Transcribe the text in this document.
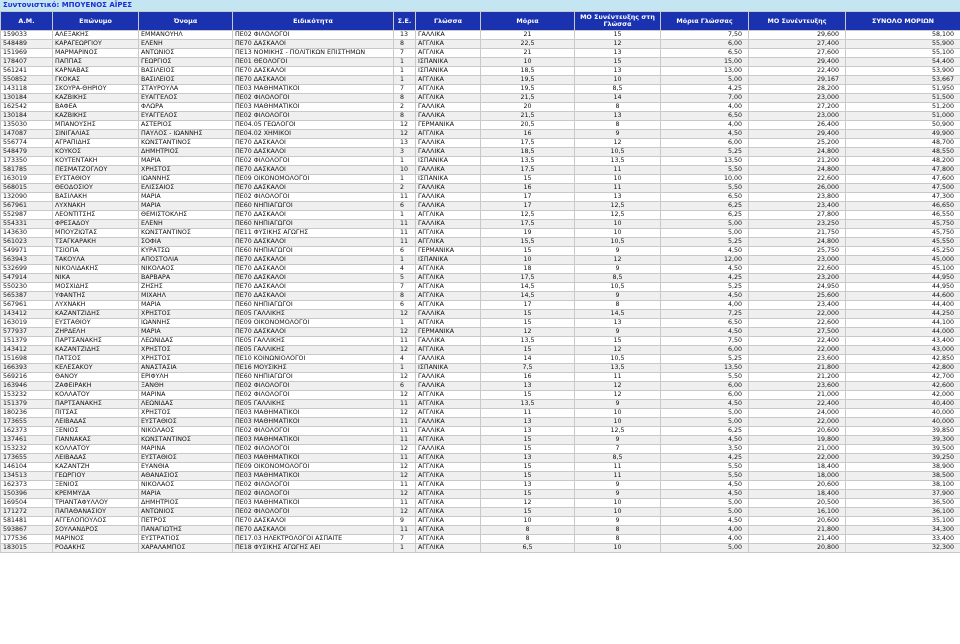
Συντονιστικό: ΜΠΟΥΕΝΟΣ ΑΪΡΕΣ
Α.Μ.	Επώνυμο	Όνομα	Ειδικότητα	Σ.Ε.	Γλώσσα	Μόρια	ΜΟ Συνέντευξης στη Γλώσσα	Μόρια Γλώσσας	ΜΟ Συνέντευξης	ΣΥΝΟΛΟ ΜΟΡΙΩΝ
159033	ΑΛΕΞΑΚΗΣ	ΕΜΜΑΝΟΥΗΛ	ΠΕ02 ΦΙΛΟΛΟΓΟΙ	13	ΓΑΛΛΙΚΑ	21	15	7,50	29,600	58,100
548489	ΚΑΡΑΓΕΩΡΓΙΟΥ	ΕΛΕΝΗ	ΠΕ70 ΔΑΣΚΑΛΟΙ	8	ΑΓΓΛΙΚΑ	22,5	12	6,00	27,400	55,900
151969	ΜΑΡΜΑΡΙΝΟΣ	ΑΝΤΩΝΙΟΣ	ΠΕ13 ΝΟΜΙΚΗΣ - ΠΟΛΙΤΙΚΩΝ ΕΠΙΣΤΗΜΩΝ	7	ΑΓΓΛΙΚΑ	21	13	6,50	27,600	55,100
178407	ΠΑΠΠΑΣ	ΓΕΩΡΓΙΟΣ	ΠΕ01 ΘΕΟΛΟΓΟΙ	1	ΙΣΠΑΝΙΚΑ	10	15	15,00	29,400	54,400
561241	ΚΑΡΝΑΒΑΣ	ΒΑΣΙΛΕΙΟΣ	ΠΕ70 ΔΑΣΚΑΛΟΙ	1	ΙΣΠΑΝΙΚΑ	18,5	13	13,00	22,400	53,900
550852	ΓΚΟΚΑΣ	ΒΑΣΙΛΕΙΟΣ	ΠΕ70 ΔΑΣΚΑΛΟΙ	1	ΑΓΓΛΙΚΑ	19,5	10	5,00	29,167	53,667
143118	ΣΚΟΥΡΑ-ΘΗΡΙΟΥ	ΣΤΑΥΡΟΥΛΑ	ΠΕ03 ΜΑΘΗΜΑΤΙΚΟΙ	7	ΑΓΓΛΙΚΑ	19,5	8,5	4,25	28,200	51,950
130184	ΚΑΖΒΙΚΗΣ	ΕΥΑΓΓΕΛΟΣ	ΠΕ02 ΦΙΛΟΛΟΓΟΙ	8	ΑΓΓΛΙΚΑ	21,5	14	7,00	23,000	51,500
162542	ΒΑΦΕΑ	ΦΛΩΡΑ	ΠΕ03 ΜΑΘΗΜΑΤΙΚΟΙ	2	ΓΑΛΛΙΚΑ	20	8	4,00	27,200	51,200
130184	ΚΑΖΒΙΚΗΣ	ΕΥΑΓΓΕΛΟΣ	ΠΕ02 ΦΙΛΟΛΟΓΟΙ	8	ΓΑΛΛΙΚΑ	21,5	13	6,50	23,000	51,000
135030	ΜΠΑΝΟΥΣΗΣ	ΑΣΤΕΡΙΟΣ	ΠΕ04.05 ΓΕΩΛΟΓΟΙ	12	ΓΕΡΜΑΝΙΚΑ	20,5	8	4,00	26,400	50,900
147087	ΣΙΝΙΓΑΛΙΑΣ	ΠΑΥΛΟΣ - ΙΩΑΝΝΗΣ	ΠΕ04.02 ΧΗΜΙΚΟΙ	12	ΑΓΓΛΙΚΑ	16	9	4,50	29,400	49,900
556774	ΑΓΡΑΠΙΔΗΣ	ΚΩΝΣΤΑΝΤΙΝΟΣ	ΠΕ70 ΔΑΣΚΑΛΟΙ	13	ΓΑΛΛΙΚΑ	17,5	12	6,00	25,200	48,700
548479	ΚΟΥΚΟΣ	ΔΗΜΗΤΡΙΟΣ	ΠΕ70 ΔΑΣΚΑΛΟΙ	3	ΓΑΛΛΙΚΑ	18,5	10,5	5,25	24,800	48,550
173350	ΚΟΥΤΕΝΤΑΚΗ	ΜΑΡΙΑ	ΠΕ02 ΦΙΛΟΛΟΓΟΙ	1	ΙΣΠΑΝΙΚΑ	13,5	13,5	13,50	21,200	48,200
581785	ΠΕΣΜΑΤΖΟΓΛΟΥ	ΧΡΗΣΤΟΣ	ΠΕ70 ΔΑΣΚΑΛΟΙ	10	ΓΑΛΛΙΚΑ	17,5	11	5,50	24,800	47,800
163019	ΕΥΣΤΑΘΙΟΥ	ΙΩΑΝΝΗΣ	ΠΕ09 ΟΙΚΟΝΟΜΟΛΟΓΟΙ	1	ΙΣΠΑΝΙΚΑ	15	10	10,00	22,600	47,600
568015	ΘΕΟΔΟΣΙΟΥ	ΕΛΙΣΣΑΙΟΣ	ΠΕ70 ΔΑΣΚΑΛΟΙ	2	ΓΑΛΛΙΚΑ	16	11	5,50	26,000	47,500
132090	ΒΑΣΙΛΑΚΗ	ΜΑΡΙΑ	ΠΕ02 ΦΙΛΟΛΟΓΟΙ	11	ΓΑΛΛΙΚΑ	17	13	6,50	23,800	47,300
567961	ΛΥΧΝΑΚΗ	ΜΑΡΙΑ	ΠΕ60 ΝΗΠΙΑΓΩΓΟΙ	6	ΓΑΛΛΙΚΑ	17	12,5	6,25	23,400	46,650
552987	ΛΕΟΝΤΙΤΣΗΣ	ΘΕΜΙΣΤΟΚΛΗΣ	ΠΕ70 ΔΑΣΚΑΛΟΙ	1	ΑΓΓΛΙΚΑ	12,5	12,5	6,25	27,800	46,550
554331	ΦΡΕΣΑΔΟΥ	ΕΛΕΝΗ	ΠΕ60 ΝΗΠΙΑΓΩΓΟΙ	11	ΓΑΛΛΙΚΑ	17,5	10	5,00	23,250	45,750
143630	ΜΠΟΥΖΙΩΤΑΣ	ΚΩΝΣΤΑΝΤΙΝΟΣ	ΠΕ11 ΦΥΣΙΚΗΣ ΑΓΩΓΗΣ	11	ΑΓΓΛΙΚΑ	19	10	5,00	21,750	45,750
561023	ΤΣΑΓΚΑΡΑΚΗ	ΣΟΦΙΑ	ΠΕ70 ΔΑΣΚΑΛΟΙ	11	ΑΓΓΛΙΚΑ	15,5	10,5	5,25	24,800	45,550
549971	ΤΣΙΟΠΑ	ΚΥΡΑΤΣΩ	ΠΕ60 ΝΗΠΙΑΓΩΓΟΙ	6	ΓΕΡΜΑΝΙΚΑ	15	9	4,50	25,750	45,250
563943	ΤΑΚΟΥΛΑ	ΑΠΟΣΤΟΛΙΑ	ΠΕ70 ΔΑΣΚΑΛΟΙ	1	ΙΣΠΑΝΙΚΑ	10	12	12,00	23,000	45,000
532699	ΝΙΚΟΛΙΔΑΚΗΣ	ΝΙΚΟΛΑΟΣ	ΠΕ70 ΔΑΣΚΑΛΟΙ	4	ΑΓΓΛΙΚΑ	18	9	4,50	22,600	45,100
547914	ΝΙΚΑ	ΒΑΡΒΑΡΑ	ΠΕ70 ΔΑΣΚΑΛΟΙ	5	ΑΓΓΛΙΚΑ	17,5	8,5	4,25	23,200	44,950
550230	ΜΟΣΧΙΔΗΣ	ΖΗΣΗΣ	ΠΕ70 ΔΑΣΚΑΛΟΙ	7	ΑΓΓΛΙΚΑ	14,5	10,5	5,25	24,950	44,950
565387	ΥΦΑΝΤΗΣ	ΜΙΧΑΗΛ	ΠΕ70 ΔΑΣΚΑΛΟΙ	8	ΑΓΓΛΙΚΑ	14,5	9	4,50	25,600	44,600
567961	ΛΥΧΝΑΚΗ	ΜΑΡΙΑ	ΠΕ60 ΝΗΠΙΑΓΩΓΟΙ	6	ΑΓΓΛΙΚΑ	17	8	4,00	23,400	44,400
143412	ΚΑΖΑΝΤΖΙΔΗΣ	ΧΡΗΣΤΟΣ	ΠΕ05 ΓΑΛΛΙΚΗΣ	12	ΓΑΛΛΙΚΑ	15	14,5	7,25	22,000	44,250
163019	ΕΥΣΤΑΘΙΟΥ	ΙΩΑΝΝΗΣ	ΠΕ09 ΟΙΚΟΝΟΜΟΛΟΓΟΙ	1	ΑΓΓΛΙΚΑ	15	13	6,50	22,600	44,100
577937	ΖΗΡΔΕΛΗ	ΜΑΡΙΑ	ΠΕ70 ΔΑΣΚΑΛΟΙ	12	ΓΕΡΜΑΝΙΚΑ	12	9	4,50	27,500	44,000
151379	ΠΑΡΤΣΑΝΑΚΗΣ	ΛΕΩΝΙΔΑΣ	ΠΕ05 ΓΑΛΛΙΚΗΣ	11	ΓΑΛΛΙΚΑ	13,5	15	7,50	22,400	43,400
143412	ΚΑΖΑΝΤΖΙΔΗΣ	ΧΡΗΣΤΟΣ	ΠΕ05 ΓΑΛΛΙΚΗΣ	12	ΑΓΓΛΙΚΑ	15	12	6,00	22,000	43,000
151698	ΠΑΤΣΟΣ	ΧΡΗΣΤΟΣ	ΠΕ10 ΚΟΙΝΩΝΙΟΛΟΓΟΙ	4	ΓΑΛΛΙΚΑ	14	10,5	5,25	23,600	42,850
166393	ΚΕΛΕΣΑΚΟΥ	ΑΝΑΣΤΑΣΙΑ	ΠΕ16 ΜΟΥΣΙΚΗΣ	1	ΙΣΠΑΝΙΚΑ	7,5	13,5	13,50	21,800	42,800
569216	ΘΑΝΟΥ	ΕΡΙΦΥΛΗ	ΠΕ60 ΝΗΠΙΑΓΩΓΟΙ	12	ΓΑΛΛΙΚΑ	16	11	5,50	21,200	42,700
163946	ΖΑΦΕΙΡΑΚΗ	ΞΑΝΘΗ	ΠΕ02 ΦΙΛΟΛΟΓΟΙ	6	ΓΑΛΛΙΚΑ	13	12	6,00	23,600	42,600
153232	ΚΟΛΛΑΤΟΥ	ΜΑΡΙΝΑ	ΠΕ02 ΦΙΛΟΛΟΓΟΙ	12	ΑΓΓΛΙΚΑ	15	12	6,00	21,000	42,000
151379	ΠΑΡΤΣΑΝΑΚΗΣ	ΛΕΩΝΙΔΑΣ	ΠΕ05 ΓΑΛΛΙΚΗΣ	11	ΑΓΓΛΙΚΑ	13,5	9	4,50	22,400	40,400
180236	ΠΙΤΣΑΣ	ΧΡΗΣΤΟΣ	ΠΕ03 ΜΑΘΗΜΑΤΙΚΟΙ	12	ΑΓΓΛΙΚΑ	11	10	5,00	24,000	40,000
173655	ΛΕΙΒΑΔΑΣ	ΕΥΣΤΑΘΙΟΣ	ΠΕ03 ΜΑΘΗΜΑΤΙΚΟΙ	11	ΓΑΛΛΙΚΑ	13	10	5,00	22,000	40,000
162373	ΞΕΝΙΟΣ	ΝΙΚΟΛΑΟΣ	ΠΕ02 ΦΙΛΟΛΟΓΟΙ	11	ΓΑΛΛΙΚΑ	13	12,5	6,25	20,600	39,850
137461	ΓΙΑΝΝΑΚΑΣ	ΚΩΝΣΤΑΝΤΙΝΟΣ	ΠΕ03 ΜΑΘΗΜΑΤΙΚΟΙ	11	ΑΓΓΛΙΚΑ	15	9	4,50	19,800	39,300
153232	ΚΟΛΛΑΤΟΥ	ΜΑΡΙΝΑ	ΠΕ02 ΦΙΛΟΛΟΓΟΙ	12	ΓΑΛΛΙΚΑ	15	7	3,50	21,000	39,500
173655	ΛΕΙΒΑΔΑΣ	ΕΥΣΤΑΘΙΟΣ	ΠΕ03 ΜΑΘΗΜΑΤΙΚΟΙ	11	ΑΓΓΛΙΚΑ	13	8,5	4,25	22,000	39,250
146104	ΚΑΖΑΝΤΖΗ	ΕΥΑΝΘΙΑ	ΠΕ09 ΟΙΚΟΝΟΜΟΛΟΓΟΙ	12	ΑΓΓΛΙΚΑ	15	11	5,50	18,400	38,900
134513	ΓΕΩΡΓΙΟΥ	ΑΘΑΝΑΣΙΟΣ	ΠΕ03 ΜΑΘΗΜΑΤΙΚΟΙ	12	ΑΓΓΛΙΚΑ	15	11	5,50	18,000	38,500
162373	ΞΕΝΙΟΣ	ΝΙΚΟΛΑΟΣ	ΠΕ02 ΦΙΛΟΛΟΓΟΙ	11	ΑΓΓΛΙΚΑ	13	9	4,50	20,600	38,100
150396	ΚΡΕΜΜΥΔΑ	ΜΑΡΙΑ	ΠΕ02 ΦΙΛΟΛΟΓΟΙ	12	ΑΓΓΛΙΚΑ	15	9	4,50	18,400	37,900
169504	ΤΡΙΑΝΤΑΦΥΛΛΟΥ	ΔΗΜΗΤΡΙΟΣ	ΠΕ03 ΜΑΘΗΜΑΤΙΚΟΙ	11	ΑΓΓΛΙΚΑ	12	10	5,00	20,500	36,500
171272	ΠΑΠΑΘΑΝΑΣΙΟΥ	ΑΝΤΩΝΙΟΣ	ΠΕ02 ΦΙΛΟΛΟΓΟΙ	12	ΑΓΓΛΙΚΑ	15	10	5,00	16,100	36,100
581481	ΑΓΓΕΛΟΠΟΥΛΟΣ	ΠΕΤΡΟΣ	ΠΕ70 ΔΑΣΚΑΛΟΙ	9	ΑΓΓΛΙΚΑ	10	9	4,50	20,600	35,100
593867	ΣΟΥΛΑΝΔΡΟΣ	ΠΑΝΑΓΙΩΤΗΣ	ΠΕ70 ΔΑΣΚΑΛΟΙ	11	ΑΓΓΛΙΚΑ	8	8	4,00	21,800	34,300
177536	ΜΑΡΙΝΟΣ	ΕΥΣΤΡΑΤΙΟΣ	ΠΕ17.03 ΗΛΕΚΤΡΟΛΟΓΟΙ ΑΣΠΑΙΤΕ	7	ΑΓΓΛΙΚΑ	8	8	4,00	21,400	33,400
183015	ΡΟΔΑΚΗΣ	ΧΑΡΑΛΑΜΠΟΣ	ΠΕ18 ΦΥΣΙΚΗΣ ΑΓΩΓΗΣ ΑΕΙ	1	ΑΓΓΛΙΚΑ	6,5	10	5,00	20,800	32,300
